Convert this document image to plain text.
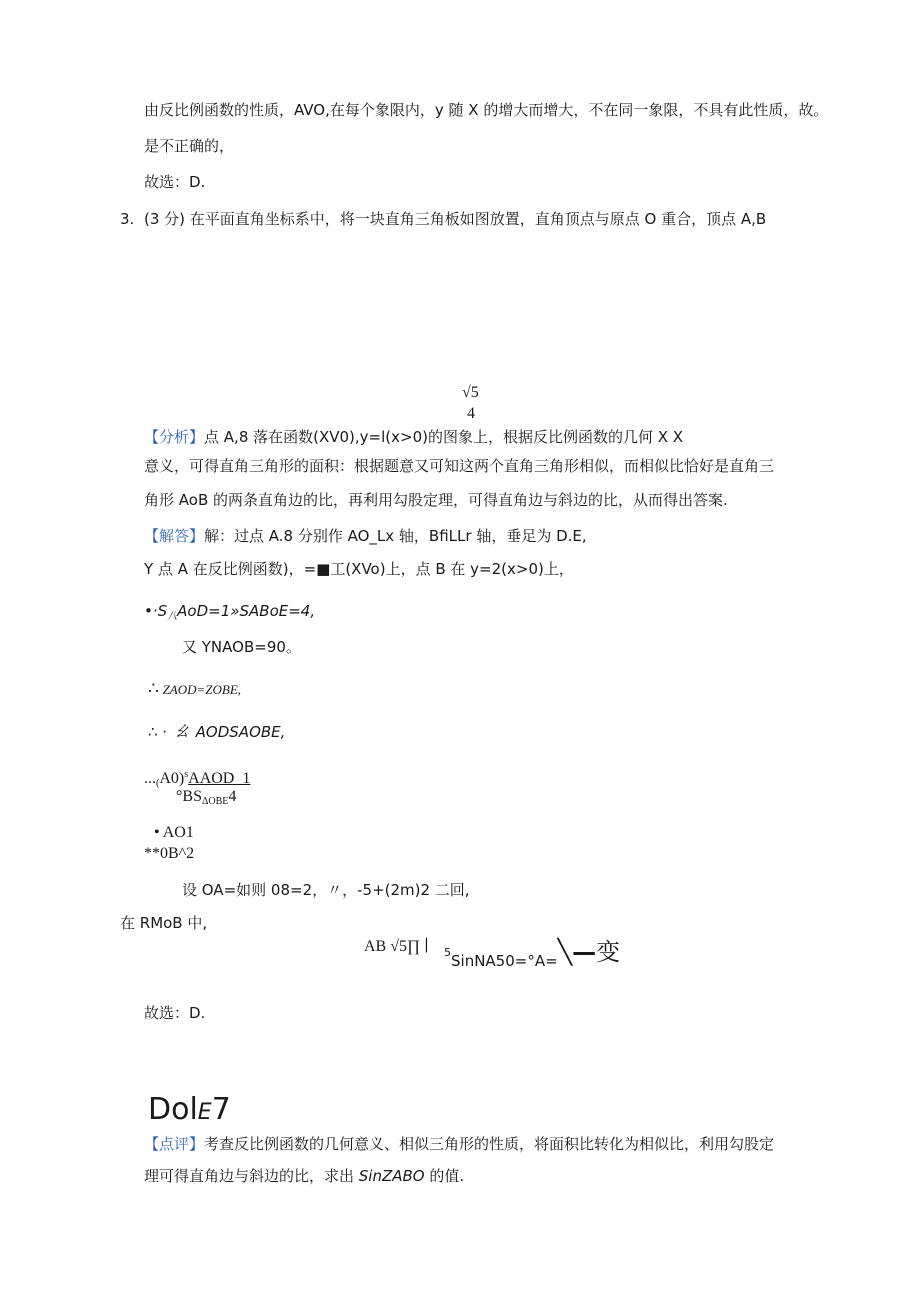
由反比例函数的性质，AVO,在每个象限内，y 随 X 的增大而增大，不在同一象限，不具有此性质，故。
是不正确的，
故选：D.
3. (3 分) 在平面直角坐标系中，将一块直角三角板如图放置，直角顶点与原点 O 重合，顶点 A,B
√5
4
【分析】点 A,8 落在函数(XV0),y=l(x>0)的图象上，根据反比例函数的几何 X X
意义，可得直角三角形的面积：根据题意又可知这两个直角三角形相似，而相似比恰好是直角三
角形 AoB 的两条直角边的比，再利用勾股定理，可得直角边与斜边的比，从而得出答案.
【解答】解：过点 A.8 分别作 AO_Lx 轴，BfiLLr 轴，垂足为 D.E,
Y 点 A 在反比例函数)，=■工(XVo)上，点 B 在 y=2(x>0)上，
$•\cdot S_八AoD=1»SABoE=4$,
又 YNAOB=90。
∴ ZAOD=ZOBE,
∴ · ㄠ AODSAOBE,
$..._(A0)^sAAOD\_1$
$^\circ BS_{\Delta OBE}4$
• AO1
**0B^2
设 OA=如则 08=2，〃，-5+(2m)2 二回,
在 RMoB 中,
AB √5∏ ∣ $^5$SinNA50=°A=╲—变
故选：D.
DolE7
【点评】考查反比例函数的几何意义、相似三角形的性质，将面积比转化为相似比，利用勾股定
理可得直角边与斜边的比，求出 SinZABO 的值.
